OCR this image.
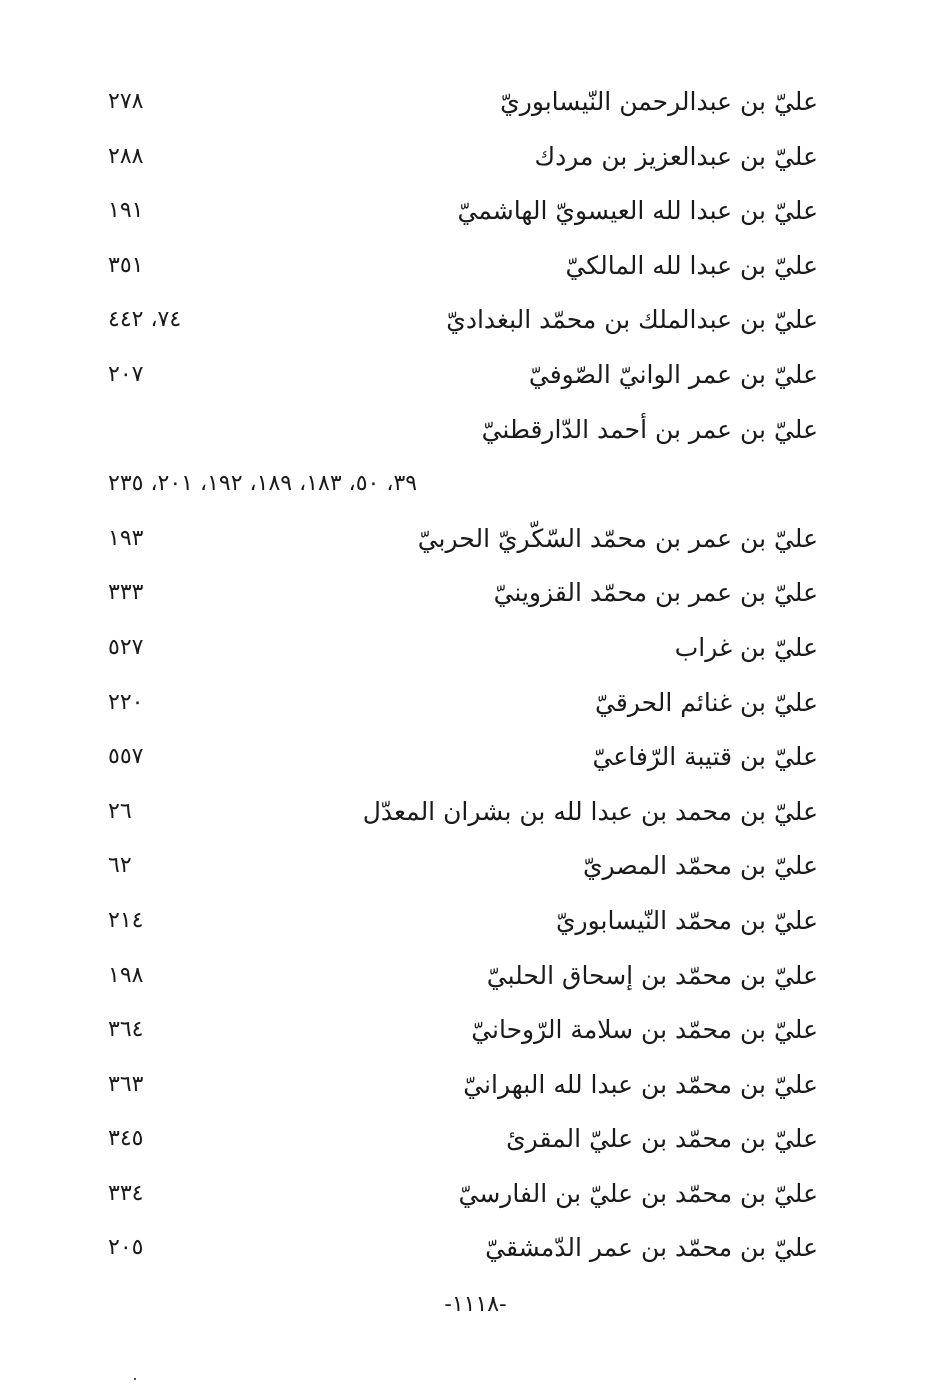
عليّ بن عبدالرحمن النّيسابوريّ
٢٧٨
عليّ بن عبدالعزيز بن مردك
٢٨٨
عليّ بن عبدا لله العيسويّ الهاشميّ
١٩١
عليّ بن عبدا لله المالكيّ
٣٥١
عليّ بن عبدالملك بن محمّد البغداديّ
٧٤، ٤٤٢
عليّ بن عمر الوانيّ الصّوفيّ
٢٠٧
عليّ بن عمر بن أحمد الدّارقطنيّ
٣٩، ٥٠، ١٨٣، ١٨٩، ١٩٢، ٢٠١، ٢٣٥
عليّ بن عمر بن محمّد السّكّريّ الحربيّ
١٩٣
عليّ بن عمر بن محمّد القزوينيّ
٣٣٣
عليّ بن غراب
٥٢٧
عليّ بن غنائم الحرقيّ
٢٢٠
عليّ بن قتيبة الرّفاعيّ
٥٥٧
عليّ بن محمد بن عبدا لله بن بشران المعدّل
٢٦
عليّ بن محمّد المصريّ
٦٢
عليّ بن محمّد النّيسابوريّ
٢١٤
عليّ بن محمّد بن إسحاق الحلبيّ
١٩٨
عليّ بن محمّد بن سلامة الرّوحانيّ
٣٦٤
عليّ بن محمّد بن عبدا لله البهرانيّ
٣٦٣
عليّ بن محمّد بن عليّ المقرئ
٣٤٥
عليّ بن محمّد بن عليّ بن الفارسيّ
٣٣٤
عليّ بن محمّد بن عمر الدّمشقيّ
٢٠٥
-١١١٨-
